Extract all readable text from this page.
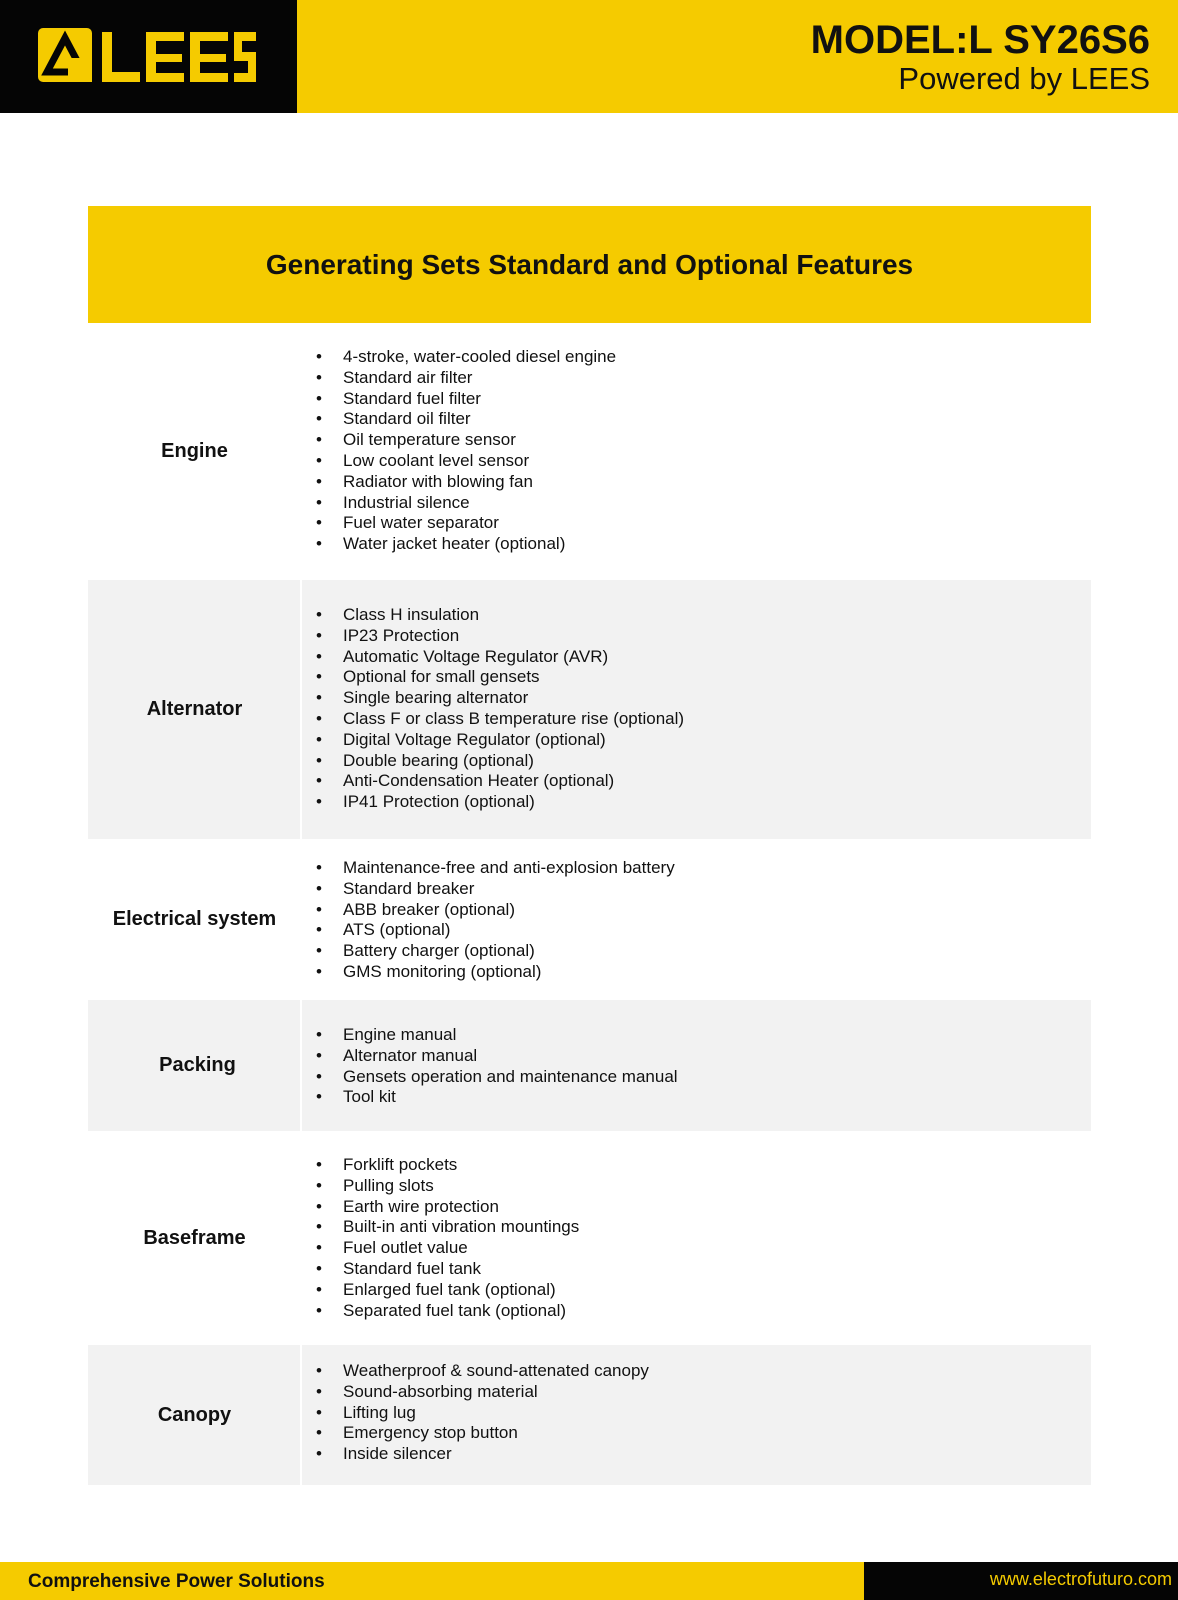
MODEL:L SY26S6
Powered by LEES
Generating Sets Standard and Optional Features
Engine
• 4-stroke, water-cooled diesel engine
• Standard air filter
• Standard fuel filter
• Standard oil filter
• Oil temperature sensor
• Low coolant level sensor
• Radiator with blowing fan
• Industrial silence
• Fuel water separator
• Water jacket heater (optional)
Alternator
• Class H insulation
• IP23 Protection
• Automatic Voltage Regulator (AVR)
• Optional for small gensets
• Single bearing alternator
• Class F or class B temperature rise (optional)
• Digital Voltage Regulator (optional)
• Double bearing (optional)
• Anti-Condensation Heater (optional)
• IP41 Protection (optional)
Electrical system
• Maintenance-free and anti-explosion battery
• Standard breaker
• ABB breaker (optional)
• ATS (optional)
• Battery charger (optional)
• GMS monitoring (optional)
Packing
• Engine manual
• Alternator manual
• Gensets operation and maintenance manual
• Tool kit
Baseframe
• Forklift pockets
• Pulling slots
• Earth wire protection
• Built-in anti vibration mountings
• Fuel outlet value
• Standard fuel tank
• Enlarged fuel tank (optional)
• Separated fuel tank (optional)
Canopy
• Weatherproof & sound-attenated canopy
• Sound-absorbing material
• Lifting lug
• Emergency stop button
• Inside silencer
Comprehensive Power Solutions	www.electrofuturo.com
